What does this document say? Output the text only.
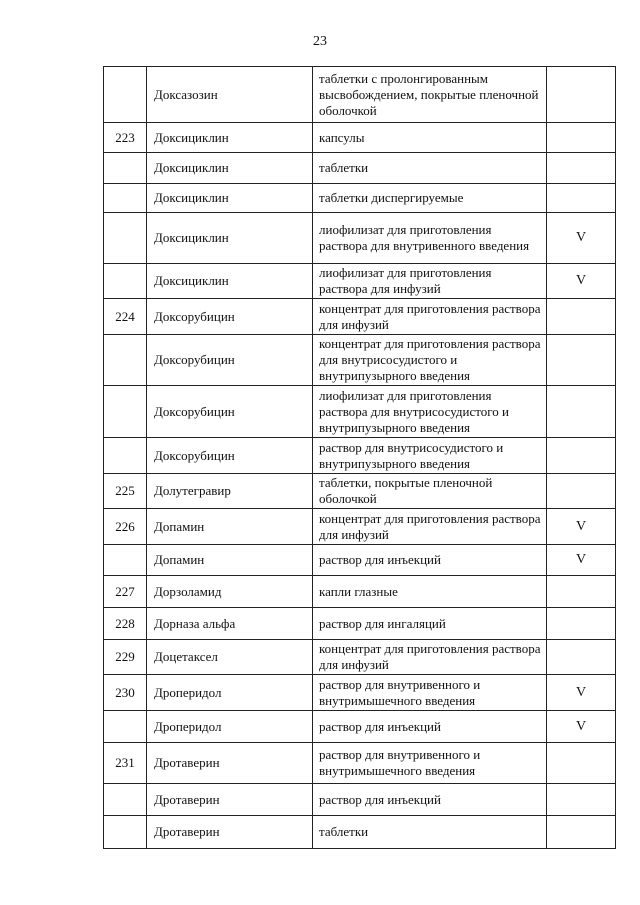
23
	Доксазозин	таблетки с пролонгированным высвобождением, покрытые пленочной оболочкой	
223	Доксициклин	капсулы	
	Доксициклин	таблетки	
	Доксициклин	таблетки диспергируемые	
	Доксициклин	лиофилизат для приготовления раствора для внутривенного введения	V
	Доксициклин	лиофилизат для приготовления раствора для инфузий	V
224	Доксорубицин	концентрат для приготовления раствора для инфузий	
	Доксорубицин	концентрат для приготовления раствора для внутрисосудистого и внутрипузырного введения	
	Доксорубицин	лиофилизат для приготовления раствора для внутрисосудистого и внутрипузырного введения	
	Доксорубицин	раствор для внутрисосудистого и внутрипузырного введения	
225	Долутегравир	таблетки, покрытые пленочной оболочкой	
226	Допамин	концентрат для приготовления раствора для инфузий	V
	Допамин	раствор для инъекций	V
227	Дорзоламид	капли глазные	
228	Дорназа альфа	раствор для ингаляций	
229	Доцетаксел	концентрат для приготовления раствора для инфузий	
230	Дроперидол	раствор для внутривенного и внутримышечного введения	V
	Дроперидол	раствор для инъекций	V
231	Дротаверин	раствор для внутривенного и внутримышечного введения	
	Дротаверин	раствор для инъекций	
	Дротаверин	таблетки	
